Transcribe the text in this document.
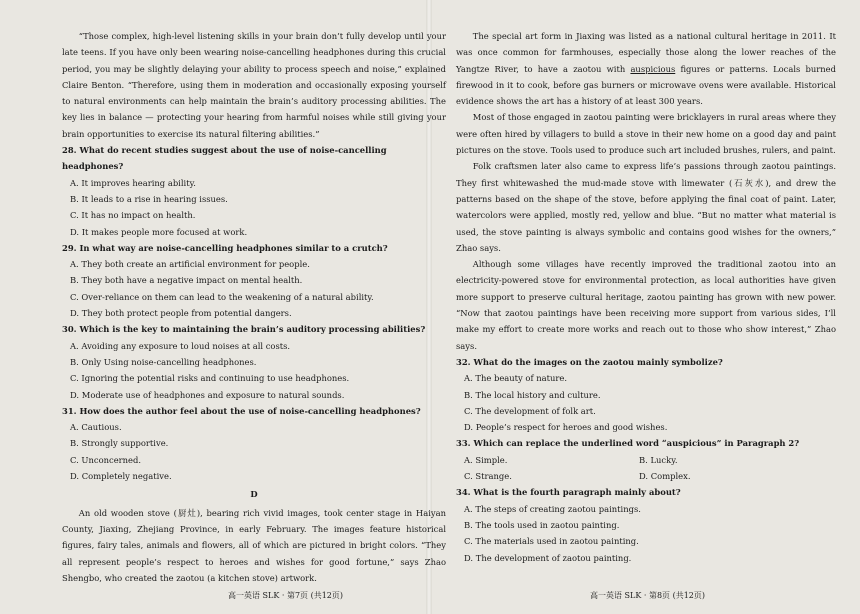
“Those complex, high-level listening skills in your brain don’t fully develop until your late teens. If you have only been wearing noise-cancelling headphones during this crucial period, you may be slightly delaying your ability to process speech and noise,” explained Claire Benton. “Therefore, using them in moderation and occasionally exposing yourself to natural environments can help maintain the brain’s auditory processing abilities. The key lies in balance — protecting your hearing from harmful noises while still giving your brain opportunities to exercise its natural filtering abilities.”

28. What do recent studies suggest about the use of noise-cancelling headphones?

A. It improves hearing ability.

B. It leads to a rise in hearing issues.

C. It has no impact on health.

D. It makes people more focused at work.

29. In what way are noise-cancelling headphones similar to a crutch?

A. They both create an artificial environment for people.

B. They both have a negative impact on mental health.

C. Over-reliance on them can lead to the weakening of a natural ability.

D. They both protect people from potential dangers.

30. Which is the key to maintaining the brain’s auditory processing abilities?

A. Avoiding any exposure to loud noises at all costs.

B. Only Using noise-cancelling headphones.

C. Ignoring the potential risks and continuing to use headphones.

D. Moderate use of headphones and exposure to natural sounds.

31. How does the author feel about the use of noise-cancelling headphones?

A. Cautious.

B. Strongly supportive.

C. Unconcerned.

D. Completely negative.

D

An old wooden stove (厨灶), bearing rich vivid images, took center stage in Haiyan County, Jiaxing, Zhejiang Province, in early February. The images feature historical figures, fairy tales, animals and flowers, all of which are pictured in bright colors. “They all represent people’s respect to heroes and wishes for good fortune,” says Zhao Shengbo, who created the zaotou (a kitchen stove) artwork.

The special art form in Jiaxing was listed as a national cultural heritage in 2011. It was once common for farmhouses, especially those along the lower reaches of the Yangtze River, to have a zaotou with auspicious figures or patterns. Locals burned firewood in it to cook, before gas burners or microwave ovens were available. Historical evidence shows the art has a history of at least 300 years.

Most of those engaged in zaotou painting were bricklayers in rural areas where they were often hired by villagers to build a stove in their new home on a good day and paint pictures on the stove. Tools used to produce such art included brushes, rulers, and paint.

Folk craftsmen later also came to express life’s passions through zaotou paintings. They first whitewashed the mud-made stove with limewater (石灰水), and drew the patterns based on the shape of the stove, before applying the final coat of paint. Later, watercolors were applied, mostly red, yellow and blue. “But no matter what material is used, the stove painting is always symbolic and contains good wishes for the owners,” Zhao says.

Although some villages have recently improved the traditional zaotou into an electricity-powered stove for environmental protection, as local authorities have given more support to preserve cultural heritage, zaotou painting has grown with new power. “Now that zaotou paintings have been receiving more support from various sides, I’ll make my effort to create more works and reach out to those who show interest,” Zhao says.

32. What do the images on the zaotou mainly symbolize?

A. The beauty of nature.

B. The local history and culture.

C. The development of folk art.

D. People’s respect for heroes and good wishes.

33. Which can replace the underlined word “auspicious” in Paragraph 2?

A. Simple.	B. Lucky.
C. Strange.	D. Complex.

34. What is the fourth paragraph mainly about?

A. The steps of creating zaotou paintings.

B. The tools used in zaotou painting.

C. The materials used in zaotou painting.

D. The development of zaotou painting.

高一英语 SLK · 第7页 (共12页)	高一英语 SLK · 第8页 (共12页)
